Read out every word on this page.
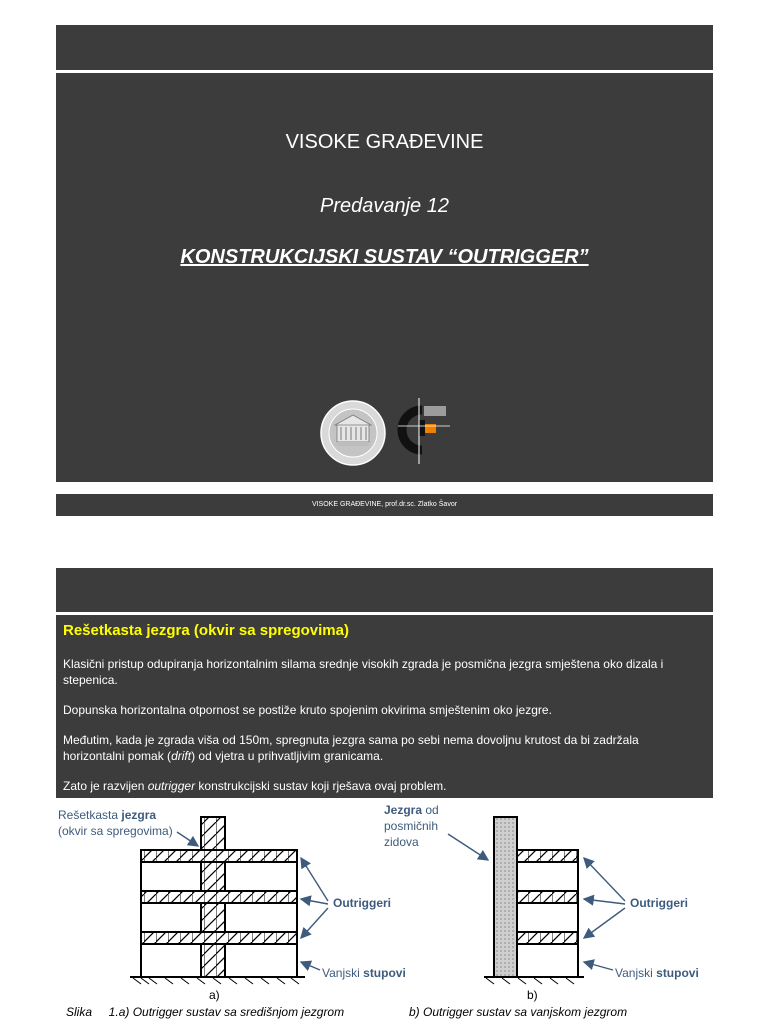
VISOKE GRAĐEVINE
Predavanje 12
KONSTRUKCIJSKI SUSTAV “OUTRIGGER”
VISOKE GRAĐEVINE, prof.dr.sc. Zlatko Šavor
Rešetkasta jezgra (okvir sa spregovima)

Klasični pristup odupiranja horizontalnim silama srednje visokih zgrada je posmična jezgra smještena oko dizala i stepenica.

Dopunska horizontalna otpornost se postiže kruto spojenim okvirima smještenim oko jezgre.

Međutim, kada je zgrada viša od 150m, spregnuta jezgra sama po sebi nema dovoljnu krutost da bi zadržala horizontalni pomak (drift) od vjetra u prihvatljivim granicama.

Zato je razvijen outrigger konstrukcijski sustav koji rješava ovaj problem.

Rešetkasta jezgra
(okvir sa spregovima)
Outriggeri
Vanjski stupovi
Jezgra od
posmičnih
zidova
Outriggeri
Vanjski stupovi
a)	b)
Slika     1.a) Outrigger sustav sa središnjom jezgrom	b) Outrigger sustav sa vanjskom jezgrom
